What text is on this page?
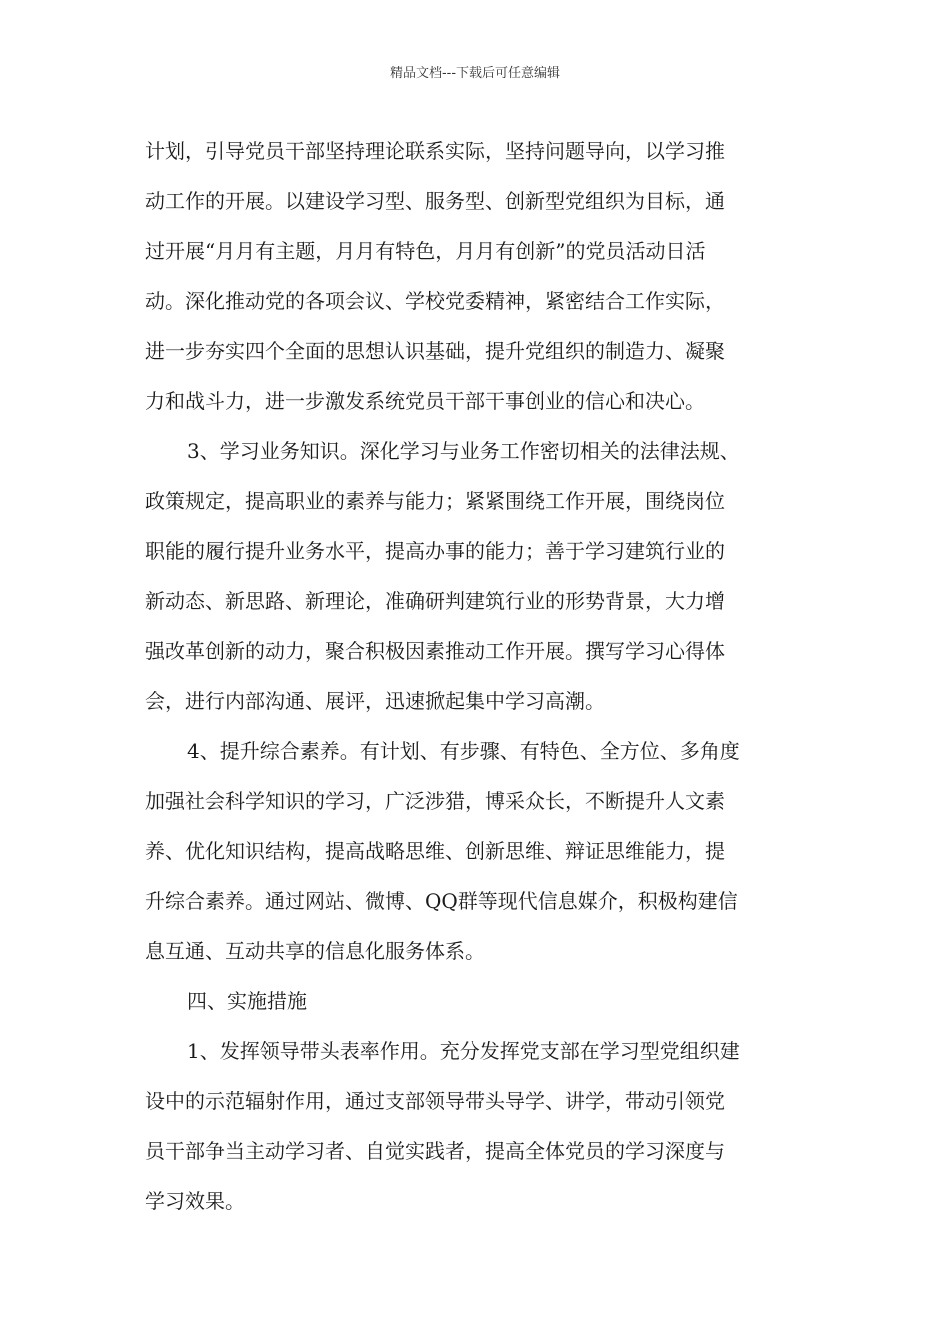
精品文档---下载后可任意编辑
计划，引导党员干部坚持理论联系实际，坚持问题导向，以学习推
动工作的开展。以建设学习型、服务型、创新型党组织为目标，通
过开展“月月有主题，月月有特色，月月有创新”的党员活动日活
动。深化推动党的各项会议、学校党委精神，紧密结合工作实际，
进一步夯实四个全面的思想认识基础，提升党组织的制造力、凝聚
力和战斗力，进一步激发系统党员干部干事创业的信心和决心。
3、学习业务知识。深化学习与业务工作密切相关的法律法规、
政策规定，提高职业的素养与能力；紧紧围绕工作开展，围绕岗位
职能的履行提升业务水平，提高办事的能力；善于学习建筑行业的
新动态、新思路、新理论，准确研判建筑行业的形势背景，大力增
强改革创新的动力，聚合积极因素推动工作开展。撰写学习心得体
会，进行内部沟通、展评，迅速掀起集中学习高潮。
4、提升综合素养。有计划、有步骤、有特色、全方位、多角度
加强社会科学知识的学习，广泛涉猎，博采众长，不断提升人文素
养、优化知识结构，提高战略思维、创新思维、辩证思维能力，提
升综合素养。通过网站、微博、QQ群等现代信息媒介，积极构建信
息互通、互动共享的信息化服务体系。
四、实施措施
1、发挥领导带头表率作用。充分发挥党支部在学习型党组织建
设中的示范辐射作用，通过支部领导带头导学、讲学，带动引领党
员干部争当主动学习者、自觉实践者，提高全体党员的学习深度与
学习效果。
